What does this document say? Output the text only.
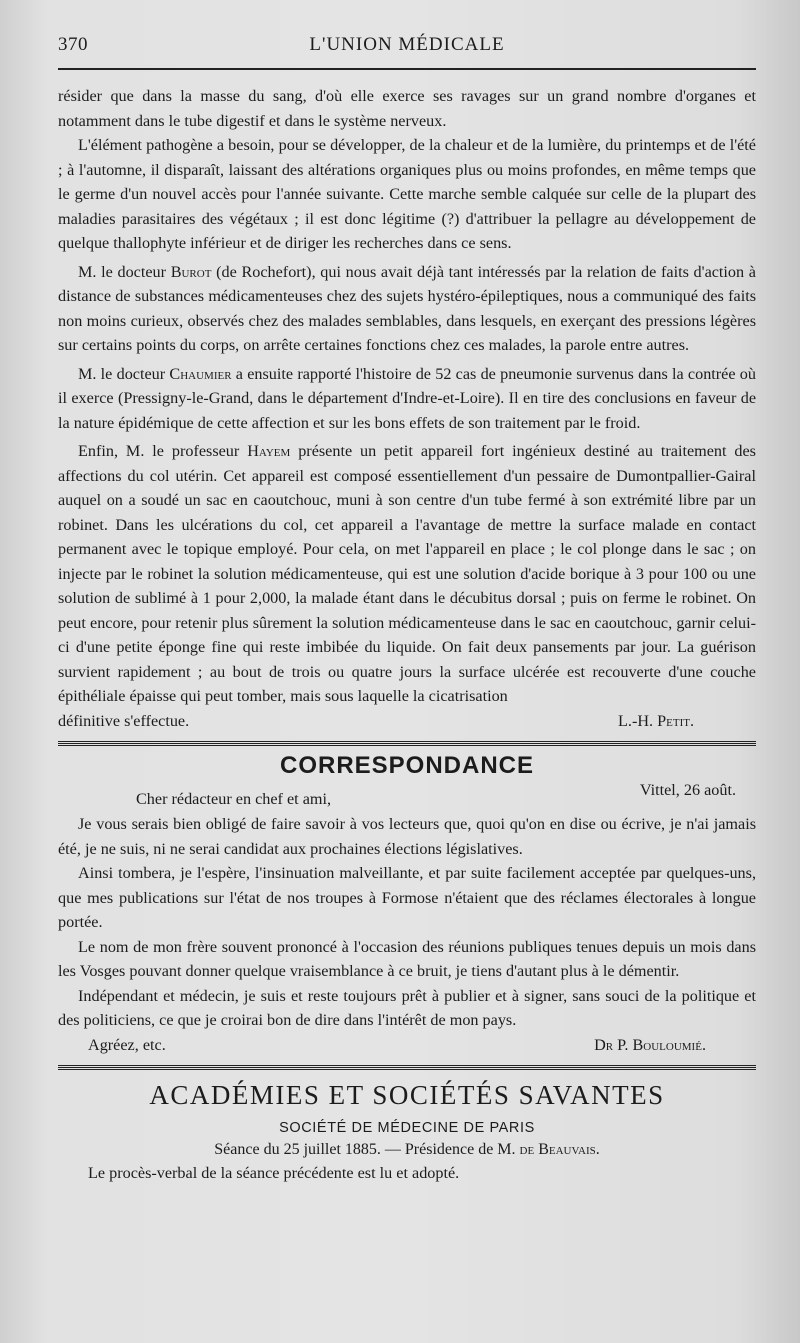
370	L'UNION MÉDICALE

résider que dans la masse du sang, d'où elle exerce ses ravages sur un grand nombre d'organes et notamment dans le tube digestif et dans le système nerveux.

L'élément pathogène a besoin, pour se développer, de la chaleur et de la lumière, du printemps et de l'été ; à l'automne, il disparaît, laissant des altérations organiques plus ou moins profondes, en même temps que le germe d'un nouvel accès pour l'année suivante. Cette marche semble calquée sur celle de la plupart des maladies parasitaires des végétaux ; il est donc légitime (?) d'attribuer la pellagre au développement de quelque thallophyte inférieur et de diriger les recherches dans ce sens.

M. le docteur Burot (de Rochefort), qui nous avait déjà tant intéressés par la relation de faits d'action à distance de substances médicamenteuses chez des sujets hystéro-épileptiques, nous a communiqué des faits non moins curieux, observés chez des malades semblables, dans lesquels, en exerçant des pressions légères sur certains points du corps, on arrête certaines fonctions chez ces malades, la parole entre autres.

M. le docteur Chaumier a ensuite rapporté l'histoire de 52 cas de pneumonie survenus dans la contrée où il exerce (Pressigny-le-Grand, dans le département d'Indre-et-Loire). Il en tire des conclusions en faveur de la nature épidémique de cette affection et sur les bons effets de son traitement par le froid.

Enfin, M. le professeur Hayem présente un petit appareil fort ingénieux destiné au traitement des affections du col utérin. Cet appareil est composé essentiellement d'un pessaire de Dumontpallier-Gairal auquel on a soudé un sac en caoutchouc, muni à son centre d'un tube fermé à son extrémité libre par un robinet. Dans les ulcérations du col, cet appareil a l'avantage de mettre la surface malade en contact permanent avec le topique employé. Pour cela, on met l'appareil en place ; le col plonge dans le sac ; on injecte par le robinet la solution médicamenteuse, qui est une solution d'acide borique à 3 pour 100 ou une solution de sublimé à 1 pour 2,000, la malade étant dans le décubitus dorsal ; puis on ferme le robinet. On peut encore, pour retenir plus sûrement la solution médicamenteuse dans le sac en caoutchouc, garnir celui-ci d'une petite éponge fine qui reste imbibée du liquide. On fait deux pansements par jour. La guérison survient rapidement ; au bout de trois ou quatre jours la surface ulcérée est recouverte d'une couche épithéliale épaisse qui peut tomber, mais sous laquelle la cicatrisation

définitive s'effectue.	L.-H. Petit.
CORRESPONDANCE
Vittel, 26 août.
Cher rédacteur en chef et ami,

Je vous serais bien obligé de faire savoir à vos lecteurs que, quoi qu'on en dise ou écrive, je n'ai jamais été, je ne suis, ni ne serai candidat aux prochaines élections législatives.

Ainsi tombera, je l'espère, l'insinuation malveillante, et par suite facilement acceptée par quelques-uns, que mes publications sur l'état de nos troupes à Formose n'étaient que des réclames électorales à longue portée.

Le nom de mon frère souvent prononcé à l'occasion des réunions publiques tenues depuis un mois dans les Vosges pouvant donner quelque vraisemblance à ce bruit, je tiens d'autant plus à le démentir.

Indépendant et médecin, je suis et reste toujours prêt à publier et à signer, sans souci de la politique et des politiciens, ce que je croirai bon de dire dans l'intérêt de mon pays.

Agréez, etc.	Dr P. Bouloumié.
ACADÉMIES ET SOCIÉTÉS SAVANTES
SOCIÉTÉ DE MÉDECINE DE PARIS
Séance du 25 juillet 1885. — Présidence de M. de Beauvais.

Le procès-verbal de la séance précédente est lu et adopté.
